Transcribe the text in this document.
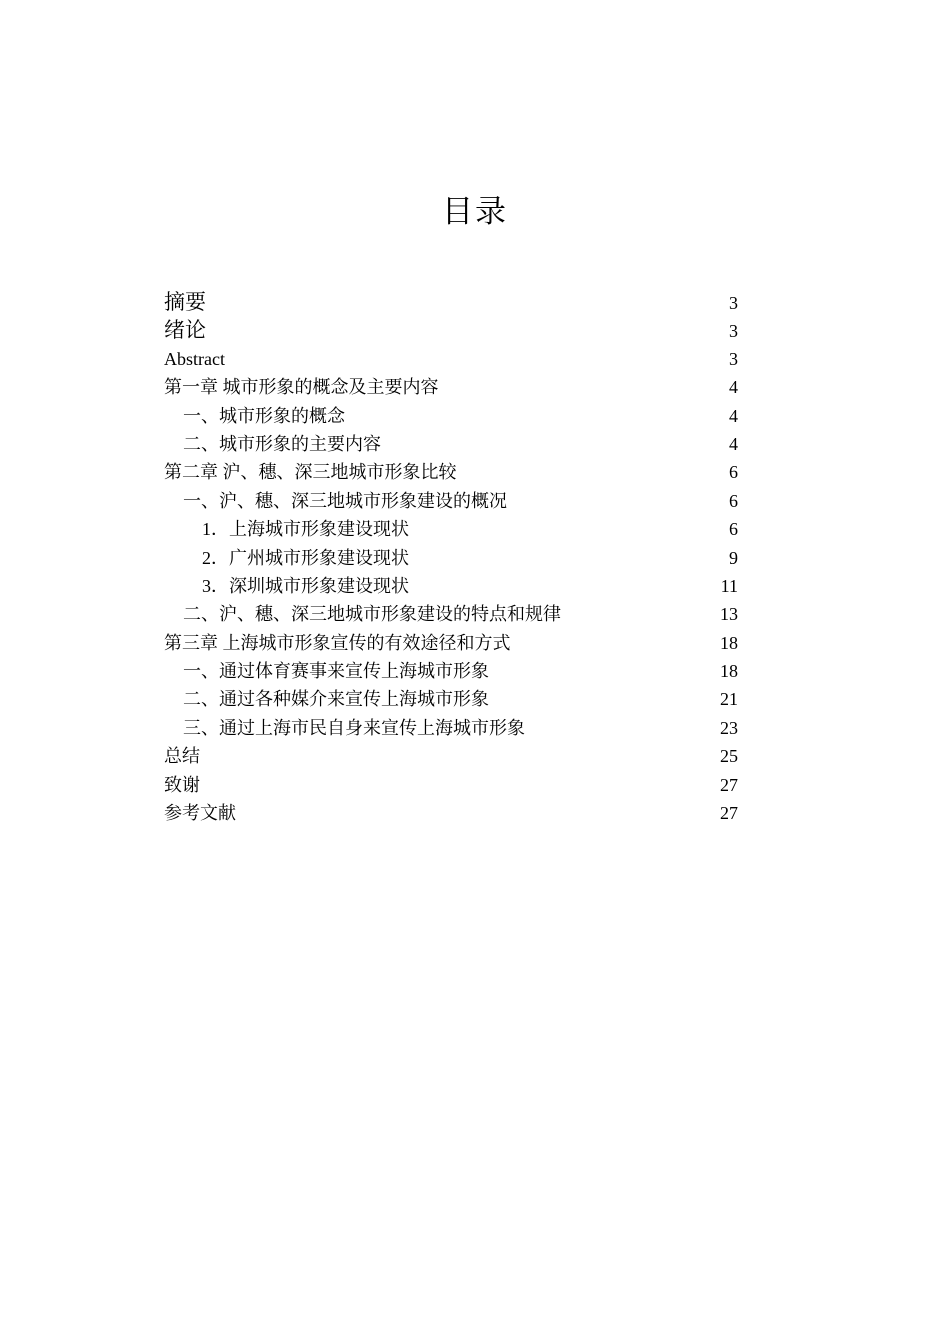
目录
摘要	3
绪论	3
Abstract	3
第一章 城市形象的概念及主要内容	4
一、城市形象的概念	4
二、城市形象的主要内容	4
第二章 沪、穗、深三地城市形象比较	6
一、沪、穗、深三地城市形象建设的概况	6
1．上海城市形象建设现状	6
2．广州城市形象建设现状	9
3．深圳城市形象建设现状	11
二、沪、穗、深三地城市形象建设的特点和规律	13
第三章 上海城市形象宣传的有效途径和方式	18
一、通过体育赛事来宣传上海城市形象	18
二、通过各种媒介来宣传上海城市形象	21
三、通过上海市民自身来宣传上海城市形象	23
总结	25
致谢	27
参考文献	27
